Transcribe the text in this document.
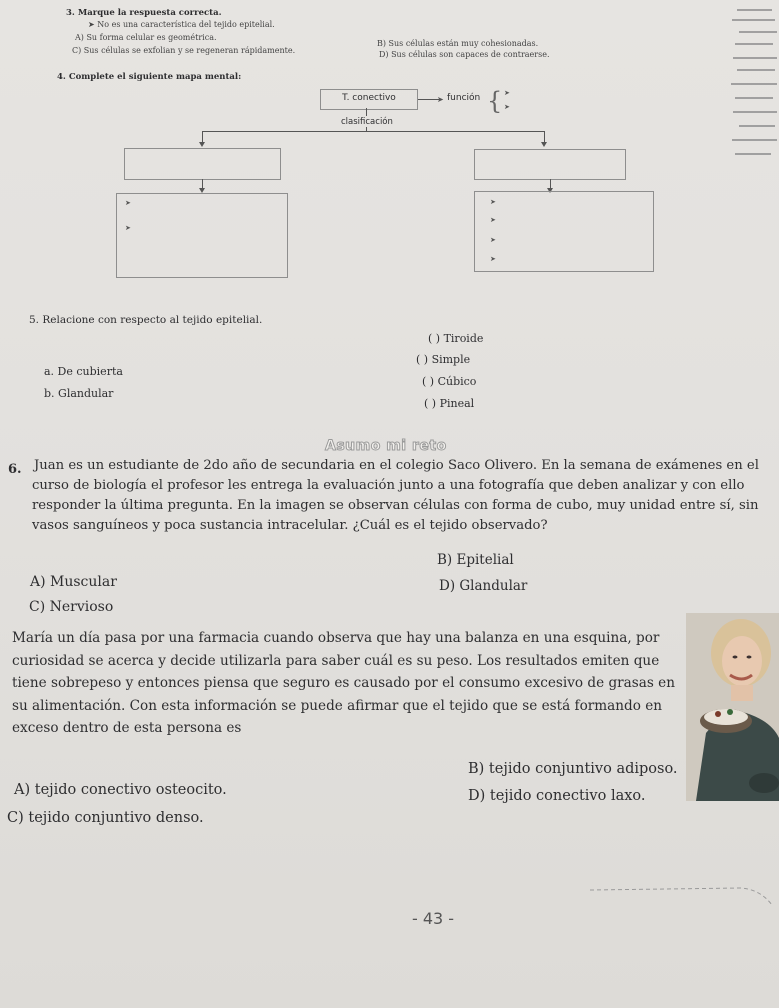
3. Marque la respuesta correcta.
➤ No es una característica del tejido epitelial.
A) Su forma celular es geométrica.
B) Sus células están muy cohesionadas.
C) Sus células se exfolian y se regeneran rápidamente.	D) Sus células son capaces de contraerse.
4. Complete el siguiente mapa mental:
T. conectivo	➤ función { ➤
➤
clasificación
➤
➤
➤
➤
➤
➤
5. Relacione con respecto al tejido epitelial.
( ) Tiroide
( ) Simple
a. De cubierta
( ) Cúbico
b. Glandular
( ) Pineal
Asumo mi reto
6. Juan es un estudiante de 2do año de secundaria en el colegio Saco Olivero. En la semana de exámenes en el curso de biología el profesor les entrega la evaluación junto a una fotografía que deben analizar y con ello responder la última pregunta. En la imagen se observan células con forma de cubo, muy unidad entre sí, sin vasos sanguíneos y poca sustancia intracelular. ¿Cuál es el tejido observado?
B) Epitelial
A) Muscular	D) Glandular
C) Nervioso
María un día pasa por una farmacia cuando observa que hay una balanza en una esquina, por curiosidad se acerca y decide utilizarla para saber cuál es su peso. Los resultados emiten que tiene sobrepeso y entonces piensa que seguro es causado por el consumo excesivo de grasas en su alimentación. Con esta información se puede afirmar que el tejido que se está formando en exceso dentro de esta persona es
B) tejido conjuntivo adiposo.
A) tejido conectivo osteocito.	D) tejido conectivo laxo.
C) tejido conjuntivo denso.
- 43 -
